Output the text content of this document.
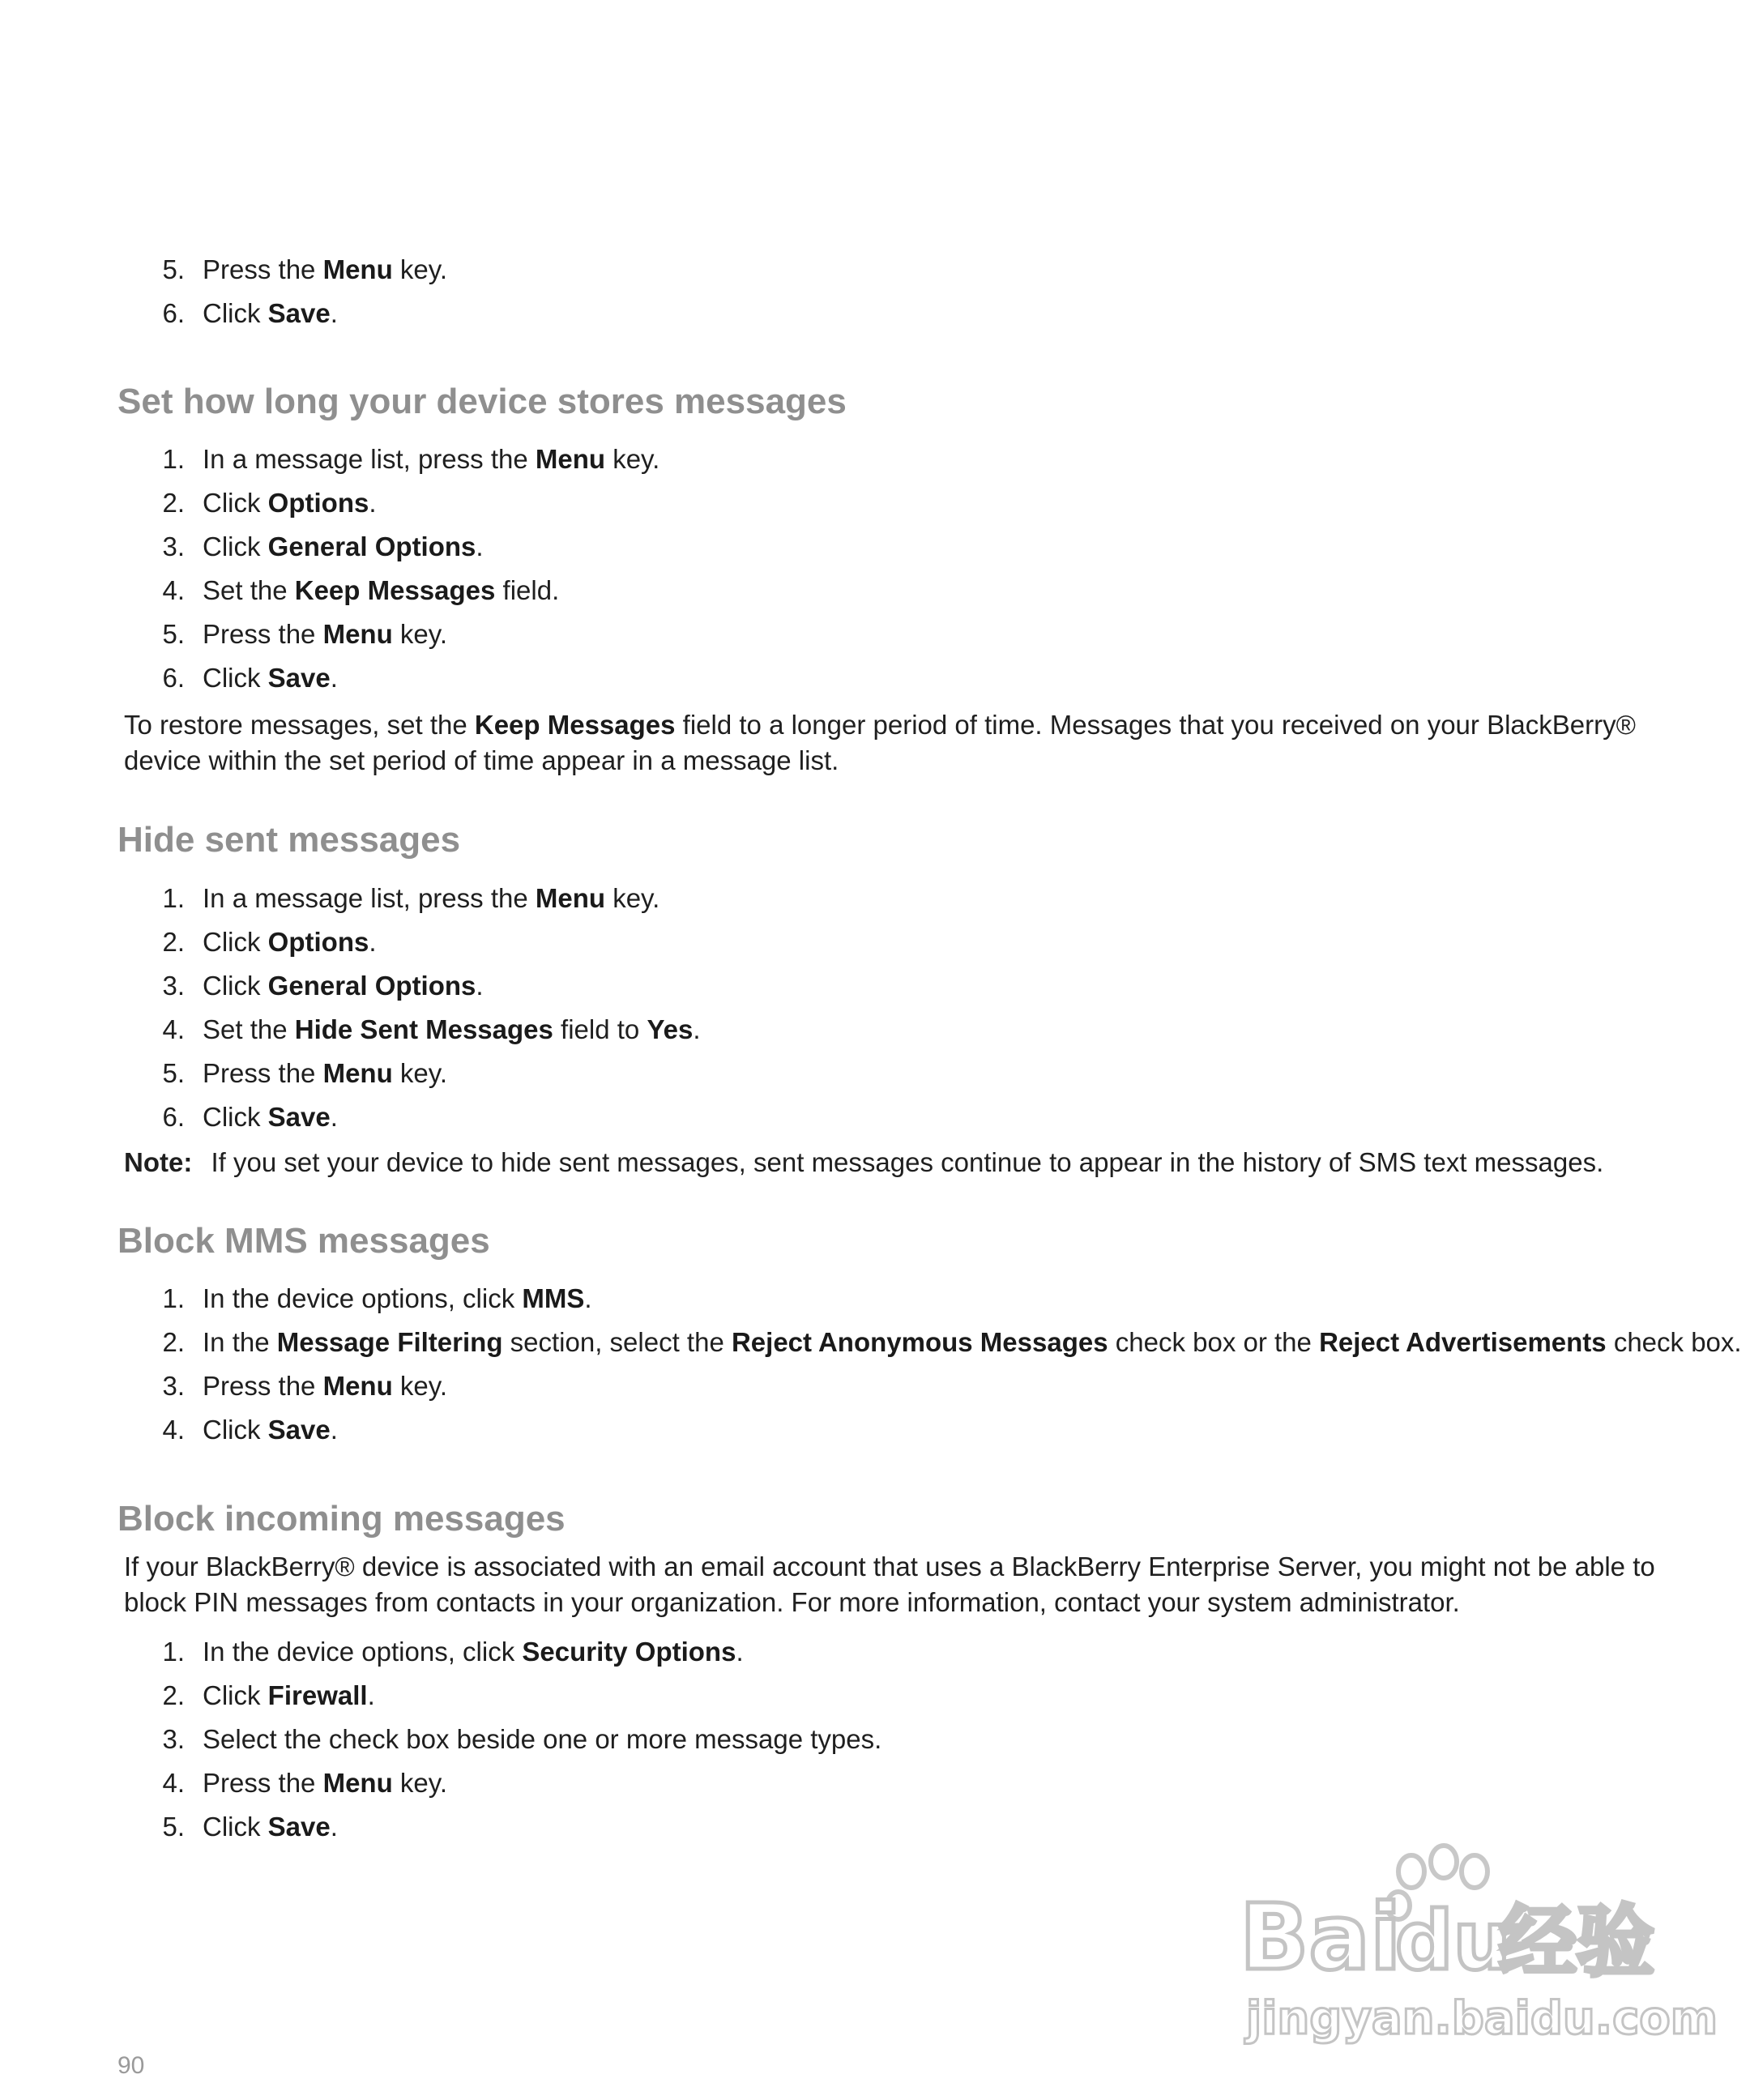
5. Press the Menu key.
6. Click Save.
Set how long your device stores messages
1. In a message list, press the Menu key.
2. Click Options.
3. Click General Options.
4. Set the Keep Messages field.
5. Press the Menu key.
6. Click Save.

To restore messages, set the Keep Messages field to a longer period of time. Messages that you received on your BlackBerry® device within the set period of time appear in a message list.

Hide sent messages
1. In a message list, press the Menu key.
2. Click Options.
3. Click General Options.
4. Set the Hide Sent Messages field to Yes.
5. Press the Menu key.
6. Click Save.
Note: If you set your device to hide sent messages, sent messages continue to appear in the history of SMS text messages.
Block MMS messages
1. In the device options, click MMS.
2. In the Message Filtering section, select the Reject Anonymous Messages check box or the Reject Advertisements check box.
3. Press the Menu key.
4. Click Save.
Block incoming messages

If your BlackBerry® device is associated with an email account that uses a BlackBerry Enterprise Server, you might not be able to block PIN messages from contacts in your organization. For more information, contact your system administrator.

1. In the device options, click Security Options.
2. Click Firewall.
3. Select the check box beside one or more message types.
4. Press the Menu key.
5. Click Save.
Bai
du
经验
jingyan.baidu.com
90
